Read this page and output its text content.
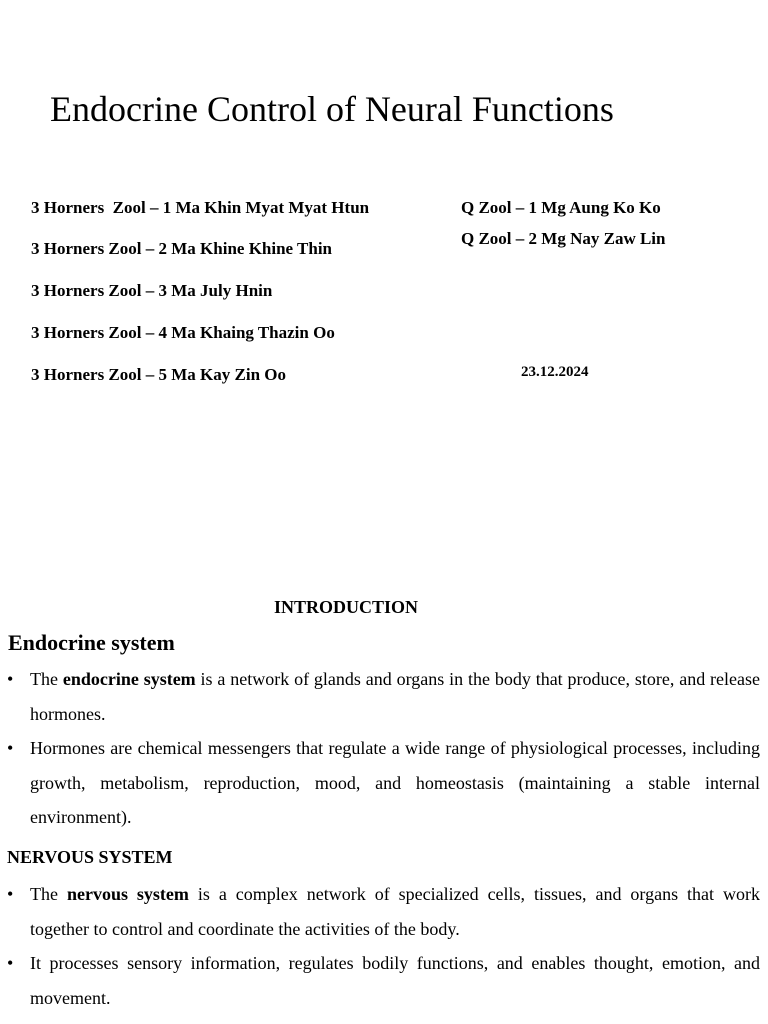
Endocrine Control of Neural Functions
3 Horners  Zool – 1 Ma Khin Myat Myat Htun
3 Horners Zool – 2 Ma Khine Khine Thin
3 Horners Zool – 3 Ma July Hnin
3 Horners Zool – 4 Ma Khaing Thazin Oo
3 Horners Zool – 5 Ma Kay Zin Oo
Q Zool – 1 Mg Aung Ko Ko
Q Zool – 2 Mg Nay Zaw Lin
23.12.2024
INTRODUCTION
Endocrine system
• The endocrine system is a network of glands and organs in the body that produce, store, and release hormones.
• Hormones are chemical messengers that regulate a wide range of physiological processes, including growth, metabolism, reproduction, mood, and homeostasis (maintaining a stable internal environment).
NERVOUS SYSTEM
• The nervous system is a complex network of specialized cells, tissues, and organs that work together to control and coordinate the activities of the body.
• It processes sensory information, regulates bodily functions, and enables thought, emotion, and movement.
